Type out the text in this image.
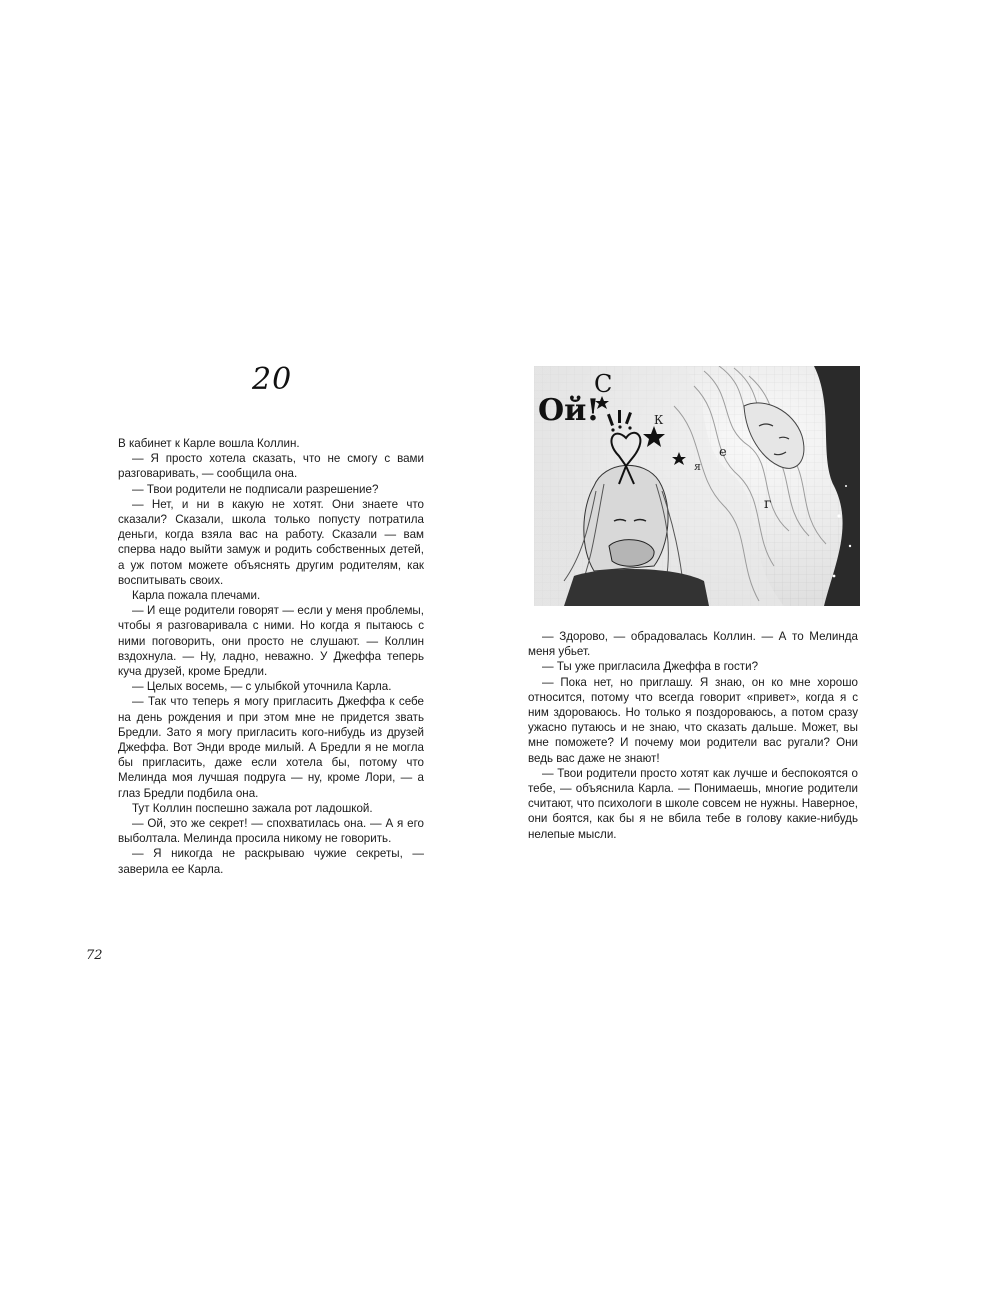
20

В кабинет к Карле вошла Коллин.

— Я просто хотела сказать, что не смогу с вами разговаривать, — сообщила она.

— Твои родители не подписали разрешение?

— Нет, и ни в какую не хотят. Они знаете что сказали? Сказали, школа только попусту потратила деньги, когда взяла вас на работу. Сказали — вам сперва надо выйти замуж и родить собственных детей, а уж потом можете объяснять другим родителям, как воспитывать своих.

Карла пожала плечами.

— И еще родители говорят — если у меня проблемы, чтобы я разговаривала с ними. Но когда я пытаюсь с ними поговорить, они просто не слушают. — Коллин вздохнула. — Ну, ладно, неважно. У Джеффа теперь куча друзей, кроме Бредли.

— Целых восемь, — с улыбкой уточнила Карла.

— Так что теперь я могу пригласить Джеффа к себе на день рождения и при этом мне не придется звать Бредли. Зато я могу пригласить кого-нибудь из друзей Джеффа. Вот Энди вроде милый. А Бредли я не могла бы пригласить, даже если хотела бы, потому что Мелинда моя лучшая подруга — ну, кроме Лори, — а глаз Бредли подбила она.

Тут Коллин поспешно зажала рот ладошкой.

— Ой, это же секрет! — спохватилась она. — А я его выболтала. Мелинда просила никому не говорить.

— Я никогда не раскрываю чужие секреты, — заверила ее Карла.

72
Ой!
С
К
е
г
я

— Здорово, — обрадовалась Коллин. — А то Мелинда меня убьет.

— Ты уже пригласила Джеффа в гости?

— Пока нет, но приглашу. Я знаю, он ко мне хорошо относится, потому что всегда говорит «привет», когда я с ним здороваюсь. Но только я поздороваюсь, а потом сразу ужасно путаюсь и не знаю, что сказать дальше. Может, вы мне поможете? И почему мои родители вас ругали? Они ведь вас даже не знают!

— Твои родители просто хотят как лучше и беспокоятся о тебе, — объяснила Карла. — Понимаешь, многие родители считают, что психологи в школе совсем не нужны. Наверное, они боятся, как бы я не вбила тебе в голову какие-нибудь нелепые мысли.
